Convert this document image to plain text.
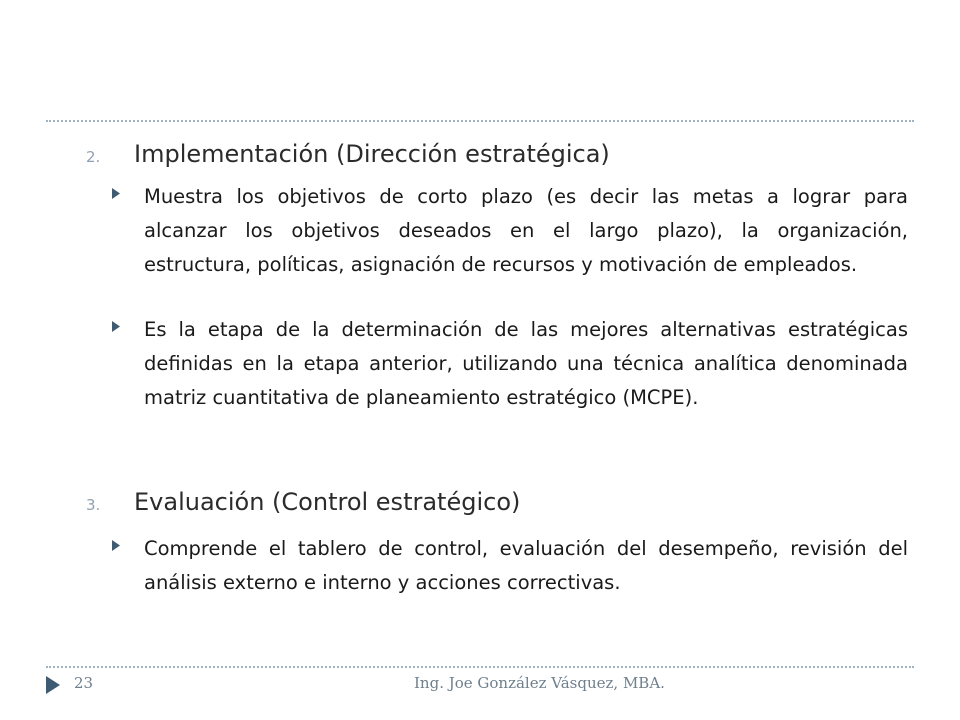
2.	Implementación (Dirección estratégica)
Muestra los objetivos de corto plazo (es decir las metas a lograr para alcanzar los objetivos deseados en el largo plazo), la organización, estructura, políticas, asignación de recursos y motivación de empleados.
Es la etapa de la determinación de las mejores alternativas estratégicas definidas en la etapa anterior, utilizando una técnica analítica denominada matriz cuantitativa de planeamiento estratégico (MCPE).
3.	Evaluación (Control estratégico)
Comprende el tablero de control, evaluación del desempeño, revisión del análisis externo e interno y acciones correctivas.
23	Ing. Joe González Vásquez, MBA.
